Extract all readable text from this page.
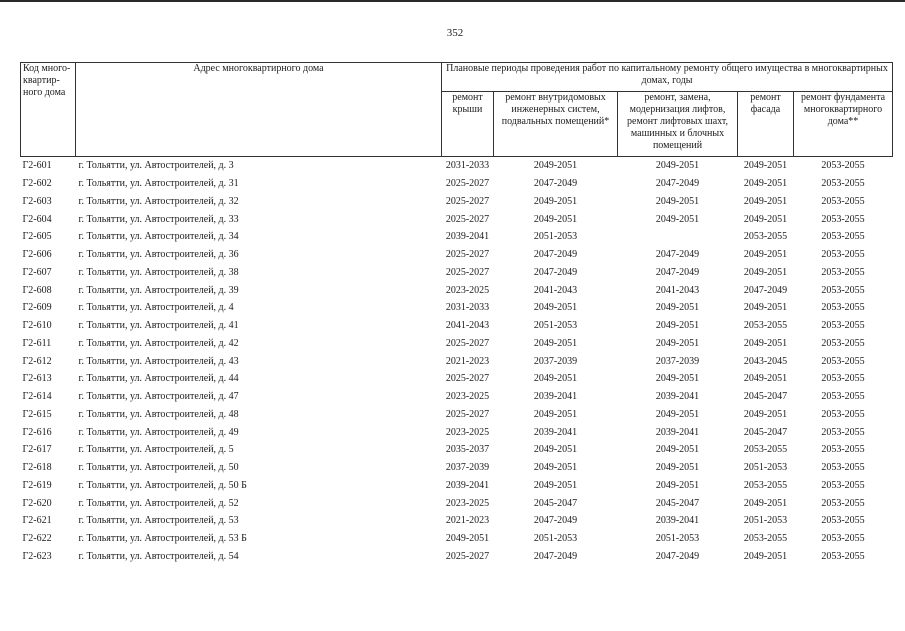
352
Код много-
квартир-
ного дома	Адрес многоквартирного дома	Плановые периоды проведения работ по капитальному ремонту общего имущества в многоквартирных домах, годы				
		ремонт крыши	ремонт внутридомовых инженерных систем, подвальных помещений*	ремонт, замена, модернизация лифтов, ремонт лифтовых шахт, машинных и блочных помещений	ремонт фасада	ремонт фундамента многоквартирного дома**
Г2-601	г. Тольятти, ул. Автостроителей, д. 3	2031-2033	2049-2051	2049-2051	2049-2051	2053-2055
Г2-602	г. Тольятти, ул. Автостроителей, д. 31	2025-2027	2047-2049	2047-2049	2049-2051	2053-2055
Г2-603	г. Тольятти, ул. Автостроителей, д. 32	2025-2027	2049-2051	2049-2051	2049-2051	2053-2055
Г2-604	г. Тольятти, ул. Автостроителей, д. 33	2025-2027	2049-2051	2049-2051	2049-2051	2053-2055
Г2-605	г. Тольятти, ул. Автостроителей, д. 34	2039-2041	2051-2053		2053-2055	2053-2055
Г2-606	г. Тольятти, ул. Автостроителей, д. 36	2025-2027	2047-2049	2047-2049	2049-2051	2053-2055
Г2-607	г. Тольятти, ул. Автостроителей, д. 38	2025-2027	2047-2049	2047-2049	2049-2051	2053-2055
Г2-608	г. Тольятти, ул. Автостроителей, д. 39	2023-2025	2041-2043	2041-2043	2047-2049	2053-2055
Г2-609	г. Тольятти, ул. Автостроителей, д. 4	2031-2033	2049-2051	2049-2051	2049-2051	2053-2055
Г2-610	г. Тольятти, ул. Автостроителей, д. 41	2041-2043	2051-2053	2049-2051	2053-2055	2053-2055
Г2-611	г. Тольятти, ул. Автостроителей, д. 42	2025-2027	2049-2051	2049-2051	2049-2051	2053-2055
Г2-612	г. Тольятти, ул. Автостроителей, д. 43	2021-2023	2037-2039	2037-2039	2043-2045	2053-2055
Г2-613	г. Тольятти, ул. Автостроителей, д. 44	2025-2027	2049-2051	2049-2051	2049-2051	2053-2055
Г2-614	г. Тольятти, ул. Автостроителей, д. 47	2023-2025	2039-2041	2039-2041	2045-2047	2053-2055
Г2-615	г. Тольятти, ул. Автостроителей, д. 48	2025-2027	2049-2051	2049-2051	2049-2051	2053-2055
Г2-616	г. Тольятти, ул. Автостроителей, д. 49	2023-2025	2039-2041	2039-2041	2045-2047	2053-2055
Г2-617	г. Тольятти, ул. Автостроителей, д. 5	2035-2037	2049-2051	2049-2051	2053-2055	2053-2055
Г2-618	г. Тольятти, ул. Автостроителей, д. 50	2037-2039	2049-2051	2049-2051	2051-2053	2053-2055
Г2-619	г. Тольятти, ул. Автостроителей, д. 50 Б	2039-2041	2049-2051	2049-2051	2053-2055	2053-2055
Г2-620	г. Тольятти, ул. Автостроителей, д. 52	2023-2025	2045-2047	2045-2047	2049-2051	2053-2055
Г2-621	г. Тольятти, ул. Автостроителей, д. 53	2021-2023	2047-2049	2039-2041	2051-2053	2053-2055
Г2-622	г. Тольятти, ул. Автостроителей, д. 53 Б	2049-2051	2051-2053	2051-2053	2053-2055	2053-2055
Г2-623	г. Тольятти, ул. Автостроителей, д. 54	2025-2027	2047-2049	2047-2049	2049-2051	2053-2055
